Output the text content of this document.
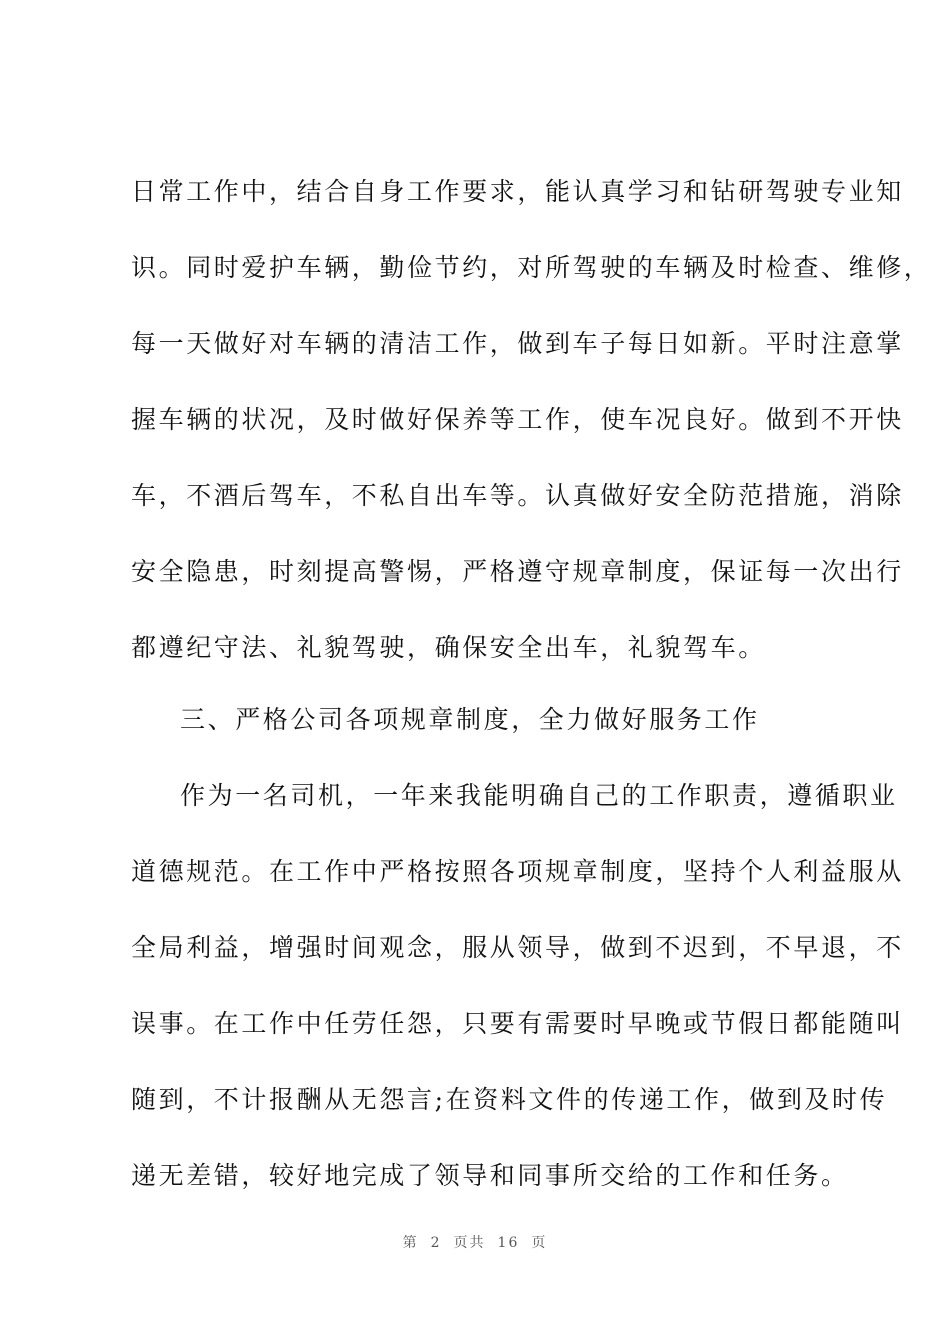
日常工作中，结合自身工作要求，能认真学习和钻研驾驶专业知
识。同时爱护车辆，勤俭节约，对所驾驶的车辆及时检查、维修，
每一天做好对车辆的清洁工作，做到车子每日如新。平时注意掌
握车辆的状况，及时做好保养等工作，使车况良好。做到不开快
车，不酒后驾车，不私自出车等。认真做好安全防范措施，消除
安全隐患，时刻提高警惕，严格遵守规章制度，保证每一次出行
都遵纪守法、礼貌驾驶，确保安全出车，礼貌驾车。
三、严格公司各项规章制度，全力做好服务工作
作为一名司机，一年来我能明确自己的工作职责，遵循职业
道德规范。在工作中严格按照各项规章制度，坚持个人利益服从
全局利益，增强时间观念，服从领导，做到不迟到，不早退，不
误事。在工作中任劳任怨，只要有需要时早晚或节假日都能随叫
随到，不计报酬从无怨言;在资料文件的传递工作，做到及时传
递无差错，较好地完成了领导和同事所交给的工作和任务。
第 2 页共 16 页
